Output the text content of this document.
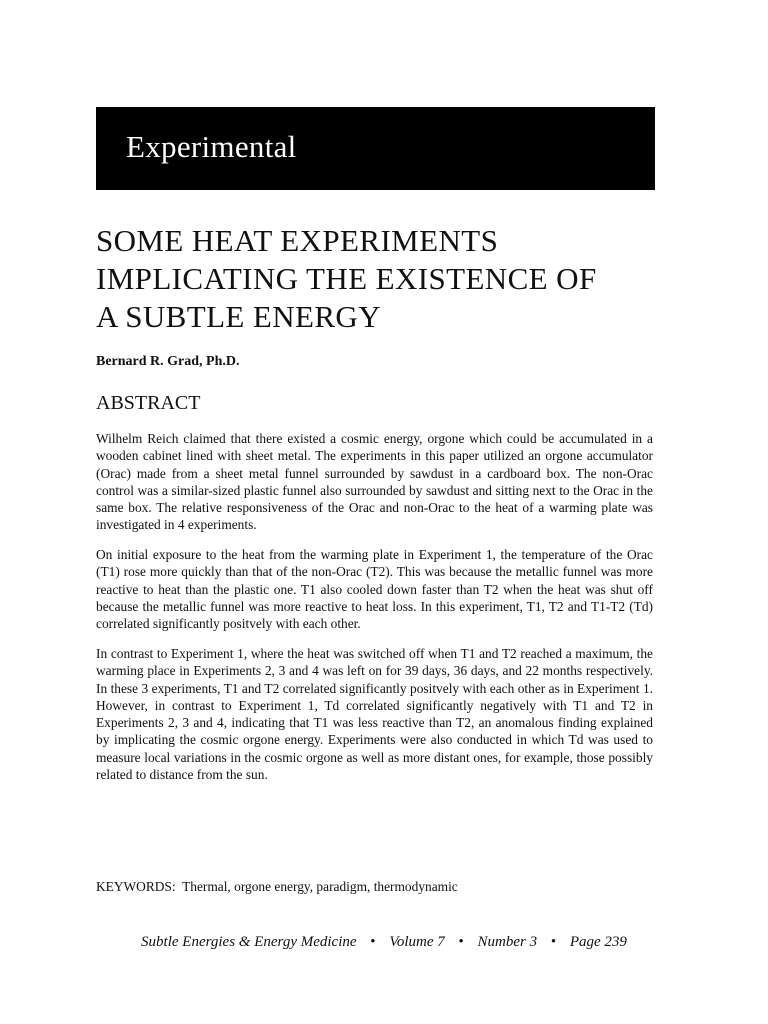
Experimental
SOME HEAT EXPERIMENTS
IMPLICATING THE EXISTENCE OF
A SUBTLE ENERGY
Bernard R. Grad, Ph.D.
ABSTRACT

Wilhelm Reich claimed that there existed a cosmic energy, orgone which could be accumulated in a wooden cabinet lined with sheet metal. The experiments in this paper utilized an orgone accumulator (Orac) made from a sheet metal funnel surrounded by sawdust in a cardboard box. The non-Orac control was a similar-sized plastic funnel also surrounded by sawdust and sitting next to the Orac in the same box. The relative responsiveness of the Orac and non-Orac to the heat of a warming plate was investigated in 4 experiments.

On initial exposure to the heat from the warming plate in Experiment 1, the temperature of the Orac (T1) rose more quickly than that of the non-Orac (T2). This was because the metallic funnel was more reactive to heat than the plastic one. T1 also cooled down faster than T2 when the heat was shut off because the metallic funnel was more reactive to heat loss. In this experiment, T1, T2 and T1-T2 (Td) correlated significantly positvely with each other.

In contrast to Experiment 1, where the heat was switched off when T1 and T2 reached a maximum, the warming place in Experiments 2, 3 and 4 was left on for 39 days, 36 days, and 22 months respectively. In these 3 experiments, T1 and T2 correlated significantly positvely with each other as in Experiment 1. However, in contrast to Experiment 1, Td correlated significantly negatively with T1 and T2 in Experiments 2, 3 and 4, indicating that T1 was less reactive than T2, an anomalous finding explained by implicating the cosmic orgone energy. Experiments were also conducted in which Td was used to measure local variations in the cosmic orgone as well as more distant ones, for example, those possibly related to distance from the sun.

KEYWORDS: Thermal, orgone energy, paradigm, thermodynamic
Subtle Energies & Energy Medicine • Volume 7 • Number 3 • Page 239
